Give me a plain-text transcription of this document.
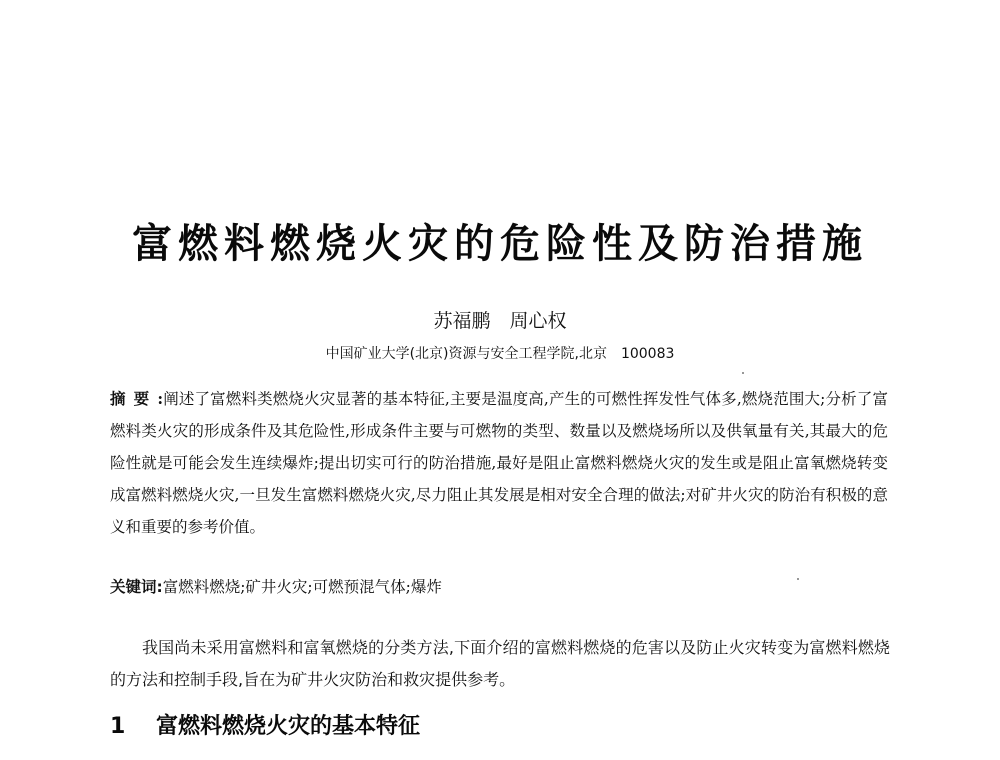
富燃料燃烧火灾的危险性及防治措施
苏福鹏　周心权
中国矿业大学(北京)资源与安全工程学院,北京　100083
摘要:阐述了富燃料类燃烧火灾显著的基本特征,主要是温度高,产生的可燃性挥发性气体多,燃烧范围大;分析了富燃料类火灾的形成条件及其危险性,形成条件主要与可燃物的类型、数量以及燃烧场所以及供氧量有关,其最大的危险性就是可能会发生连续爆炸;提出切实可行的防治措施,最好是阻止富燃料燃烧火灾的发生或是阻止富氧燃烧转变成富燃料燃烧火灾,一旦发生富燃料燃烧火灾,尽力阻止其发展是相对安全合理的做法;对矿井火灾的防治有积极的意义和重要的参考价值。
关键词:富燃料燃烧;矿井火灾;可燃预混气体;爆炸
我国尚未采用富燃料和富氧燃烧的分类方法,下面介绍的富燃料燃烧的危害以及防止火灾转变为富燃料燃烧的方法和控制手段,旨在为矿井火灾防治和救灾提供参考。
1 富燃料燃烧火灾的基本特征
